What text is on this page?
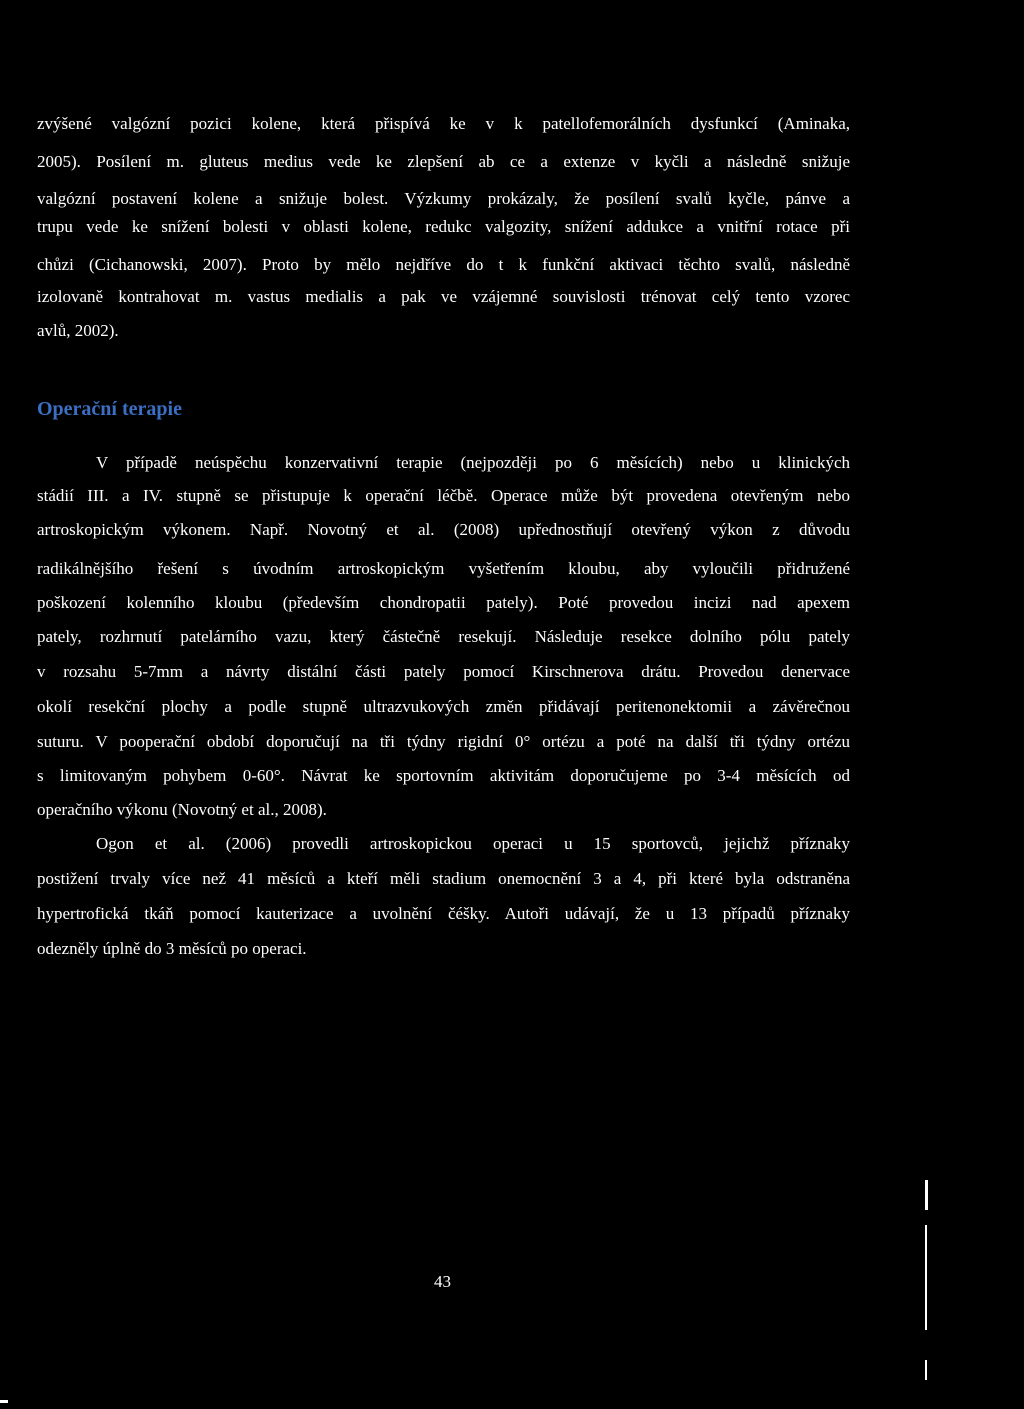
zvýšené valgózní pozici kolene, která přispívá ke v k patellofemorálních dysfunkcí (Aminaka,
2005). Posílení m. gluteus medius vede ke zlepšení ab ce a extenze v kyčli a následně snižuje
valgózní postavení kolene a snižuje bolest. Výzkumy prokázaly, že posílení svalů kyčle, pánve a
trupu vede ke snížení bolesti v oblasti kolene, redukc valgozity, snížení addukce a vnitřní rotace při
chůzi (Cichanowski, 2007). Proto by mělo nejdříve do t k funkční aktivaci těchto svalů, následně
izolovaně kontrahovat m. vastus medialis a pak ve vzájemné souvislosti trénovat celý tento vzorec
avlů, 2002).
Operační terapie
V případě neúspěchu konzervativní terapie (nejpozději po 6 měsících) nebo u klinických
stádií III. a IV. stupně se přistupuje k operační léčbě. Operace může být provedena otevřeným nebo
artroskopickým výkonem. Např. Novotný et al. (2008) upřednostňují otevřený výkon z důvodu
radikálnějšího řešení s úvodním artroskopickým vyšetřením kloubu, aby vyloučili přidružené
poškození kolenního kloubu (především chondropatii pately). Poté provedou incizi nad apexem
pately, rozhrnutí patelárního vazu, který částečně resekují. Následuje resekce dolního pólu pately
v rozsahu 5-7mm a návrty distální části pately pomocí Kirschnerova drátu. Provedou denervace
okolí resekční plochy a podle stupně ultrazvukových změn přidávají peritenonektomii a závěrečnou
suturu. V pooperační období doporučují na tři týdny rigidní 0° ortézu a poté na další tři týdny ortézu
s limitovaným pohybem 0-60°. Návrat ke sportovním aktivitám doporučujeme po 3-4 měsících od
operačního výkonu (Novotný et al., 2008).
Ogon et al. (2006) provedli artroskopickou operaci u 15 sportovců, jejichž příznaky
postižení trvaly více než 41 měsíců a kteří měli stadium onemocnění 3 a 4, při které byla odstraněna
hypertrofická tkáň pomocí kauterizace a uvolnění čéšky. Autoři udávají, že u 13 případů příznaky
odezněly úplně do 3 měsíců po operaci.
43
